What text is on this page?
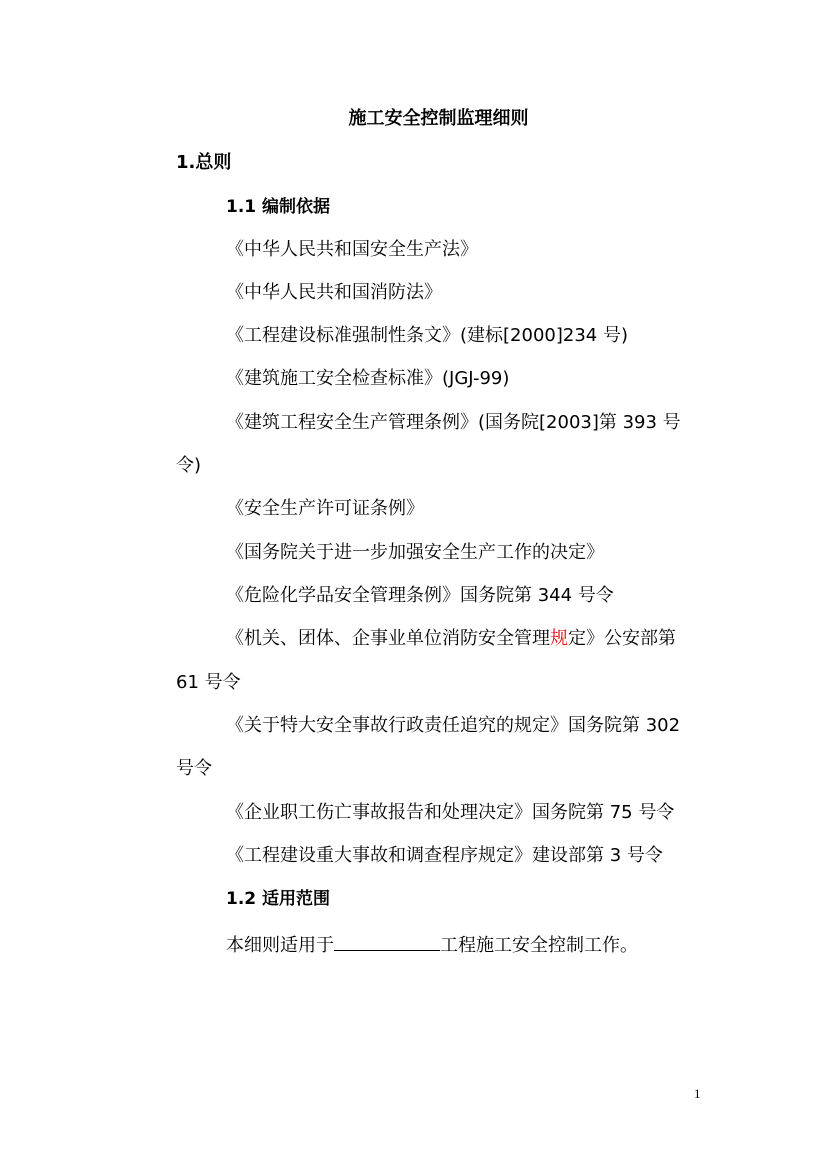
施工安全控制监理细则
1.总则
1.1 编制依据
《中华人民共和国安全生产法》
《中华人民共和国消防法》
《工程建设标准强制性条文》(建标[2000]234 号)
《建筑施工安全检查标准》(JGJ-99)
《建筑工程安全生产管理条例》(国务院[2003]第 393 号
令)
《安全生产许可证条例》
《国务院关于进一步加强安全生产工作的决定》
《危险化学品安全管理条例》国务院第 344 号令
《机关、团体、企事业单位消防安全管理规定》公安部第
61 号令
《关于特大安全事故行政责任追究的规定》国务院第 302
号令
《企业职工伤亡事故报告和处理决定》国务院第 75 号令
《工程建设重大事故和调查程序规定》建设部第 3 号令
1.2 适用范围
本细则适用于	工程施工安全控制工作。
1
